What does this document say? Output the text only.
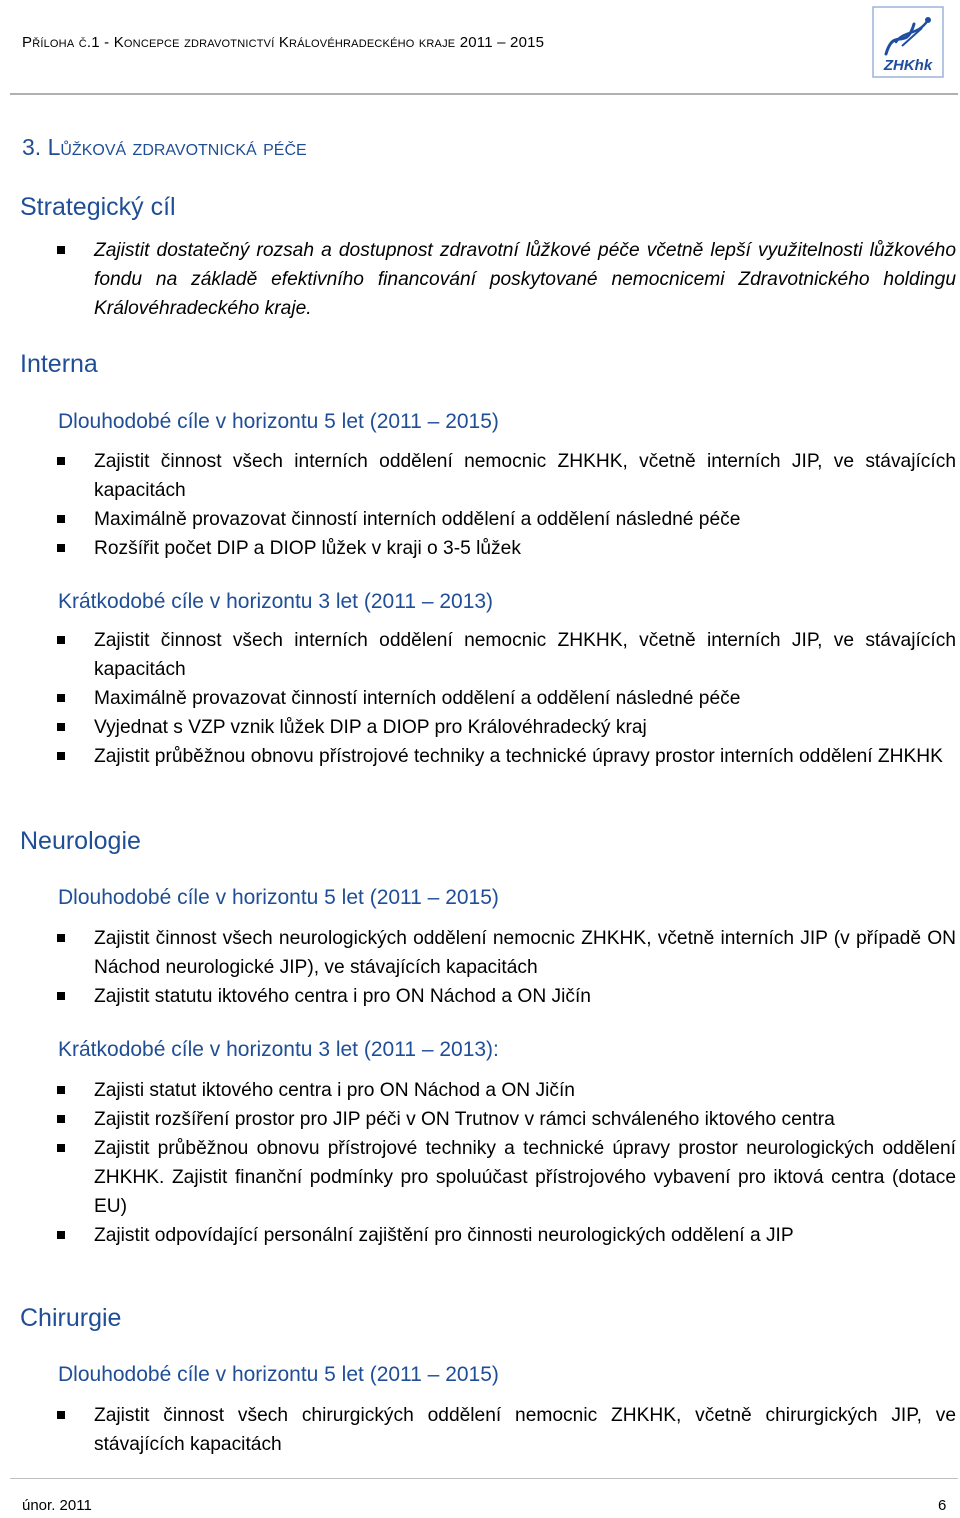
Příloha č.1 - Koncepce zdravotnictví Královéhradeckého kraje 2011 – 2015
ZHKhk
3. Lůžková zdravotnická péče
Strategický cíl
Zajistit dostatečný rozsah a dostupnost zdravotní lůžkové péče včetně lepší využitelnosti lůžkového fondu na základě efektivního financování poskytované nemocnicemi Zdravotnického holdingu Královéhradeckého kraje.
Interna
Dlouhodobé cíle v horizontu 5 let (2011 – 2015)
Zajistit činnost všech interních oddělení nemocnic ZHKHK, včetně interních JIP, ve stávajících kapacitách
Maximálně provazovat činností interních oddělení a oddělení následné péče
Rozšířit počet DIP a DIOP lůžek v kraji o 3-5 lůžek
Krátkodobé cíle v horizontu 3 let (2011 – 2013)
Zajistit činnost všech interních oddělení nemocnic ZHKHK, včetně interních JIP, ve stávajících kapacitách
Maximálně provazovat činností interních oddělení a oddělení následné péče
Vyjednat s VZP vznik lůžek DIP a DIOP pro Královéhradecký kraj
Zajistit průběžnou obnovu přístrojové techniky a technické úpravy prostor interních oddělení ZHKHK
Neurologie
Dlouhodobé cíle v horizontu 5 let (2011 – 2015)
Zajistit činnost všech neurologických oddělení nemocnic ZHKHK, včetně interních JIP (v případě ON Náchod neurologické JIP), ve stávajících kapacitách
Zajistit statutu iktového centra i pro ON Náchod a ON Jičín
Krátkodobé cíle v horizontu 3 let (2011 – 2013):
Zajisti statut iktového centra i pro ON Náchod a ON Jičín
Zajistit rozšíření prostor pro JIP péči v ON Trutnov v rámci schváleného iktového centra
Zajistit průběžnou obnovu přístrojové techniky a technické úpravy prostor neurologických oddělení ZHKHK. Zajistit finanční podmínky pro spoluúčast přístrojového vybavení pro iktová centra (dotace EU)
Zajistit odpovídající personální zajištění pro činnosti neurologických oddělení a JIP
Chirurgie
Dlouhodobé cíle v horizontu 5 let (2011 – 2015)
Zajistit činnost všech chirurgických oddělení nemocnic ZHKHK, včetně chirurgických JIP, ve stávajících kapacitách
únor. 2011	6
